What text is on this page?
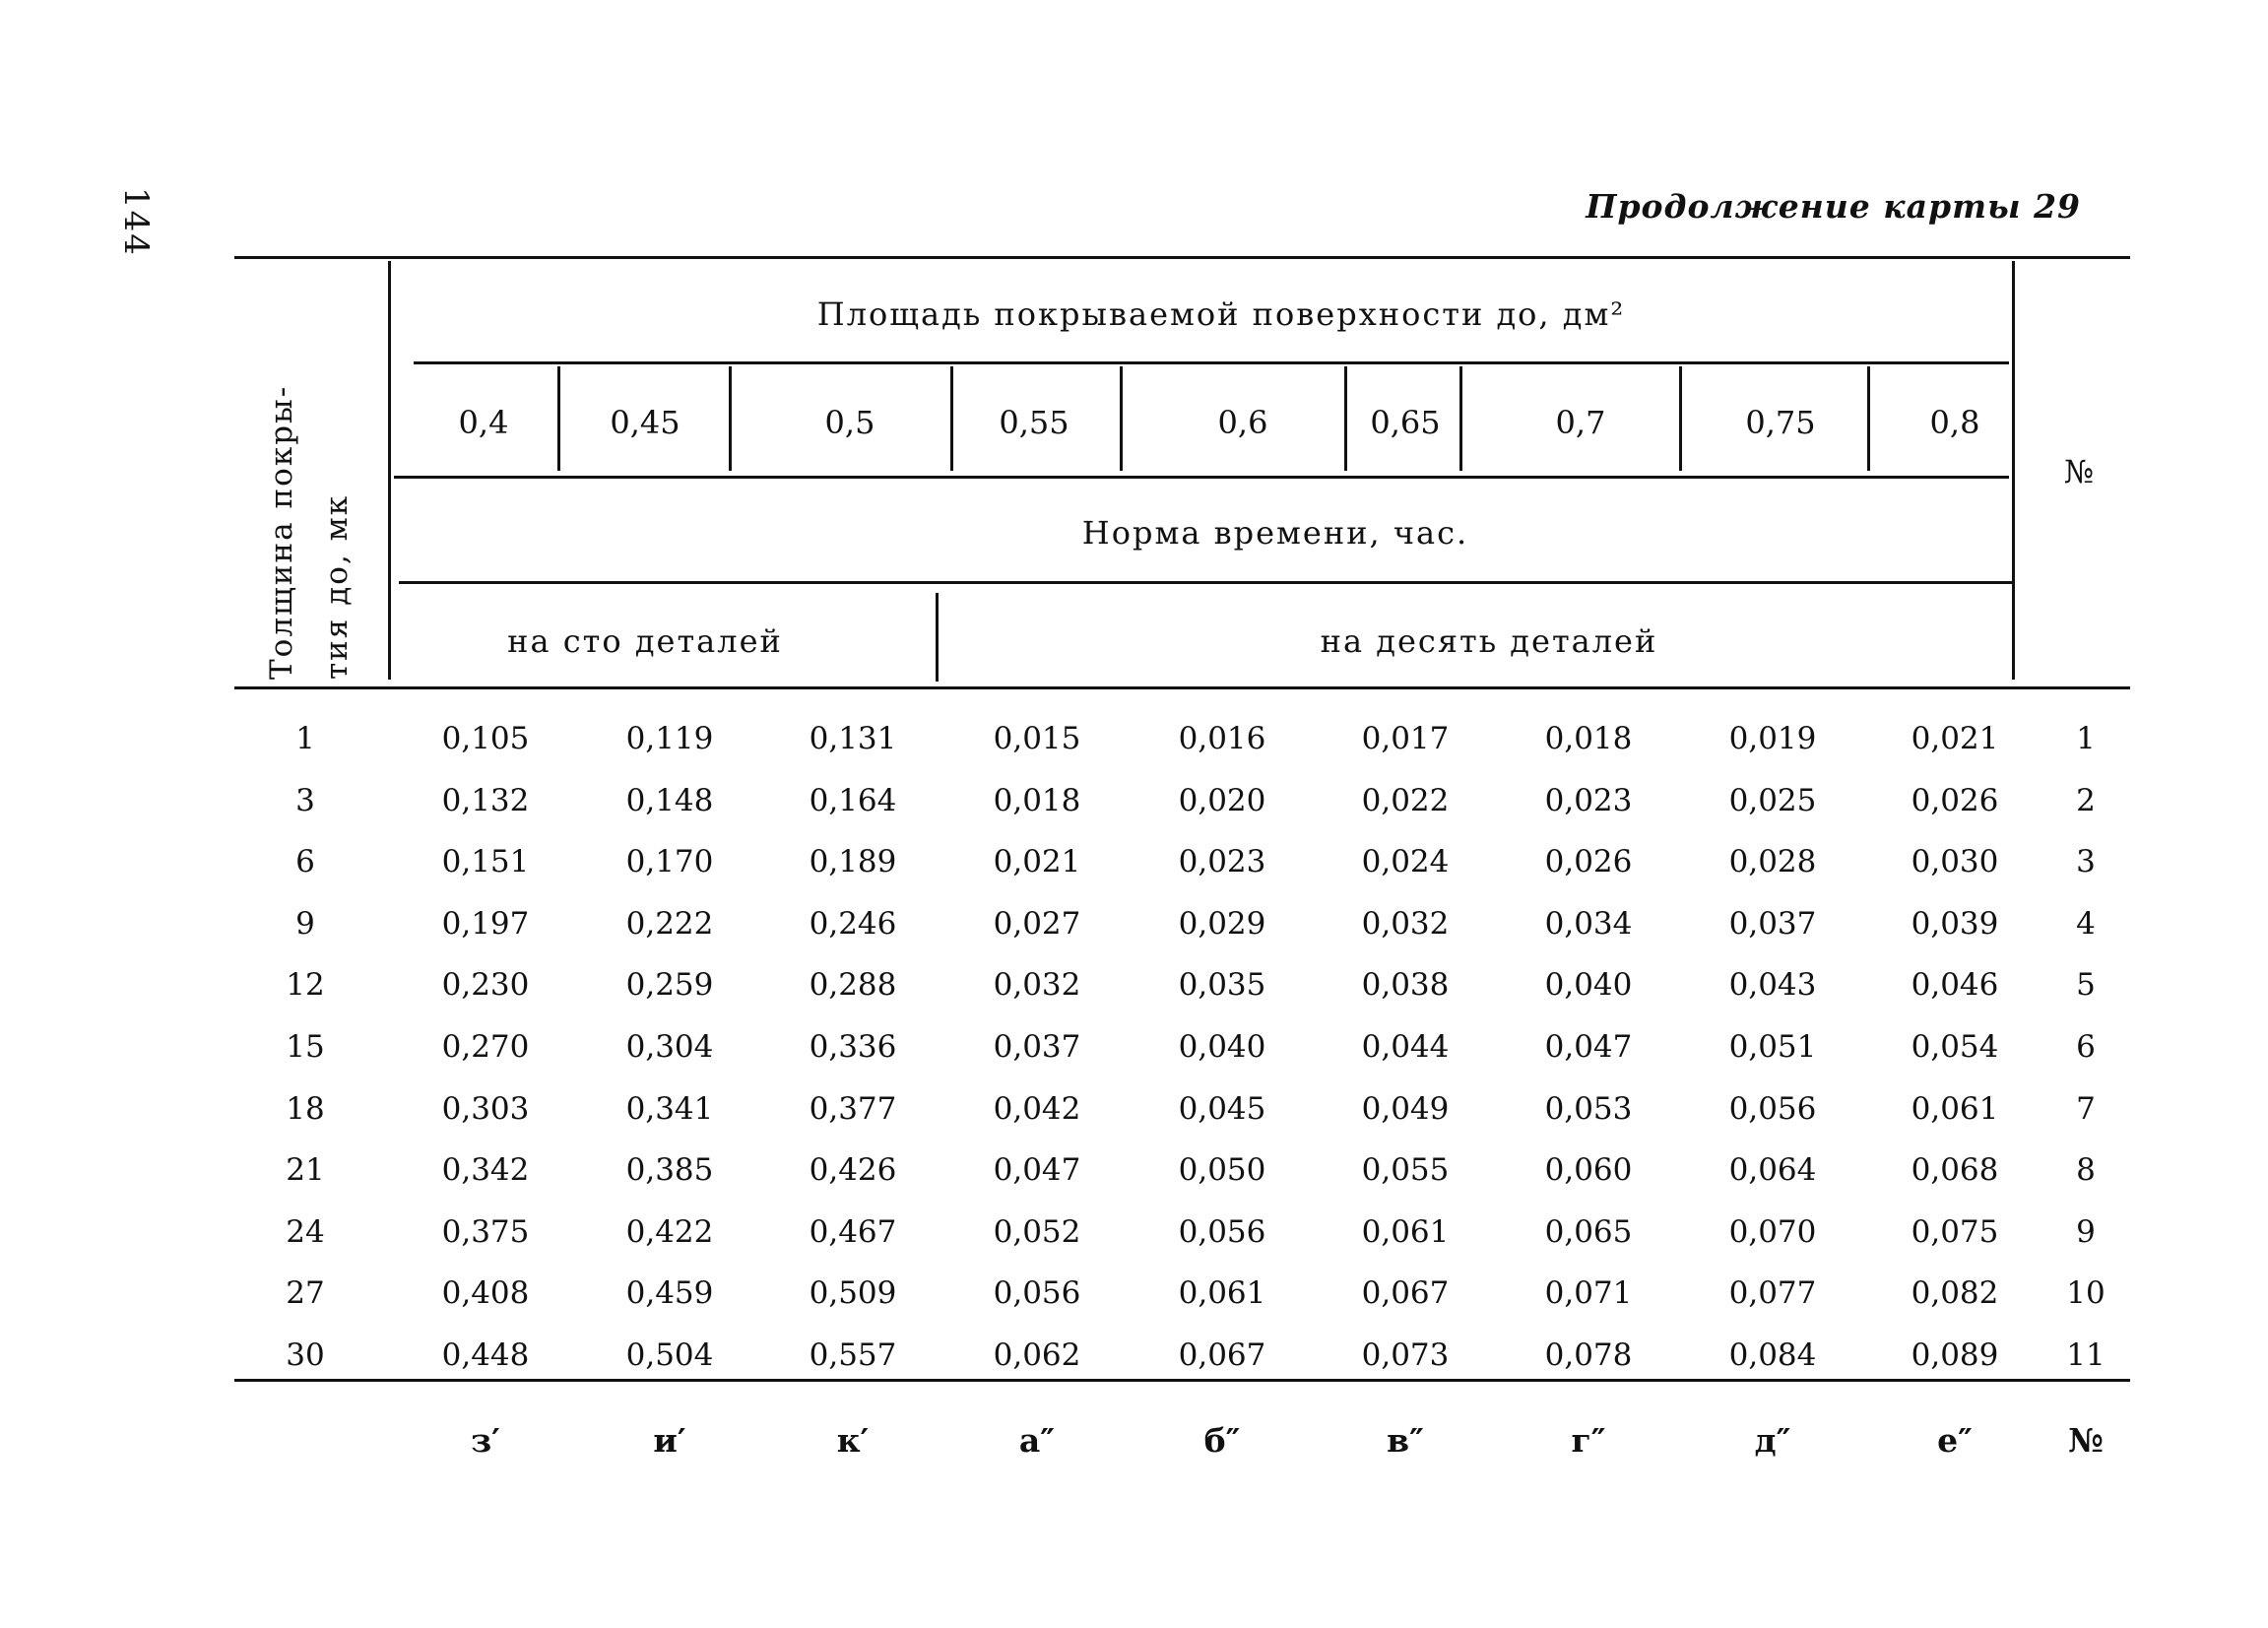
144	Продолжение карты 29
Толщина покры- тия до, мк
Площадь покрываемой поверхности до, дм²
0,4	0,45	0,5	0,55	0,6	0,65	0,7	0,75	0,8
Норма времени, час.
на сто деталей	на десять деталей
№
1	0,105	0,119	0,131	0,015	0,016	0,017	0,018	0,019	0,021	1
3	0,132	0,148	0,164	0,018	0,020	0,022	0,023	0,025	0,026	2
6	0,151	0,170	0,189	0,021	0,023	0,024	0,026	0,028	0,030	3
9	0,197	0,222	0,246	0,027	0,029	0,032	0,034	0,037	0,039	4
12	0,230	0,259	0,288	0,032	0,035	0,038	0,040	0,043	0,046	5
15	0,270	0,304	0,336	0,037	0,040	0,044	0,047	0,051	0,054	6
18	0,303	0,341	0,377	0,042	0,045	0,049	0,053	0,056	0,061	7
21	0,342	0,385	0,426	0,047	0,050	0,055	0,060	0,064	0,068	8
24	0,375	0,422	0,467	0,052	0,056	0,061	0,065	0,070	0,075	9
27	0,408	0,459	0,509	0,056	0,061	0,067	0,071	0,077	0,082 10
30	0,448	0,504	0,557	0,062	0,067	0,073	0,078	0,084	0,089 11
з′	и′	к′	а″	б″	в″	г″	д″	е″	№
